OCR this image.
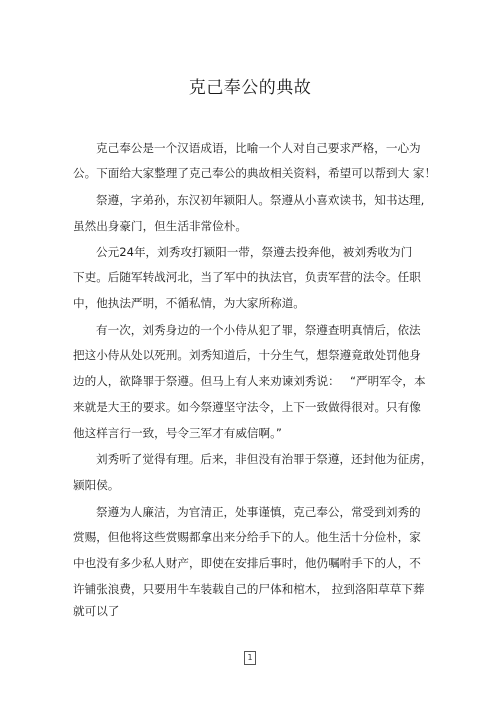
克己奉公的典故
克己奉公是一个汉语成语，比喻一个人对自己要求严格，一心为
公。下面给大家整理了克己奉公的典故相关资料，希望可以帮到大 家！
祭遵，字弟孙，东汉初年颍阳人。祭遵从小喜欢读书，知书达理,
虽然出身豪门，但生活非常俭朴。
公元24年，刘秀攻打颍阳一带，祭遵去投奔他，被刘秀收为门
下吏。后随军转战河北，当了军中的执法官，负责军营的法令。任职
中，他执法严明，不循私情，为大家所称道。
有一次，刘秀身边的一个小侍从犯了罪，祭遵查明真情后，依法
把这小侍从处以死刑。刘秀知道后，十分生气，想祭遵竟敢处罚他身
边的人，欲降罪于祭遵。但马上有人来劝谏刘秀说： “严明军令，本
来就是大王的要求。如今祭遵坚守法令，上下一致做得很对。只有像
他这样言行一致，号令三军才有威信啊。”
刘秀听了觉得有理。后来，非但没有治罪于祭遵，还封他为征虏，
颍阳侯。
祭遵为人廉洁，为官清正，处事谨慎，克己奉公，常受到刘秀的
赏赐，但他将这些赏赐都拿出来分给手下的人。他生活十分俭朴，家
中也没有多少私人财产，即使在安排后事时，他仍嘱咐手下的人，不
许铺张浪费，只要用牛车装载自己的尸体和棺木， 拉到洛阳草草下葬
就可以了
1
